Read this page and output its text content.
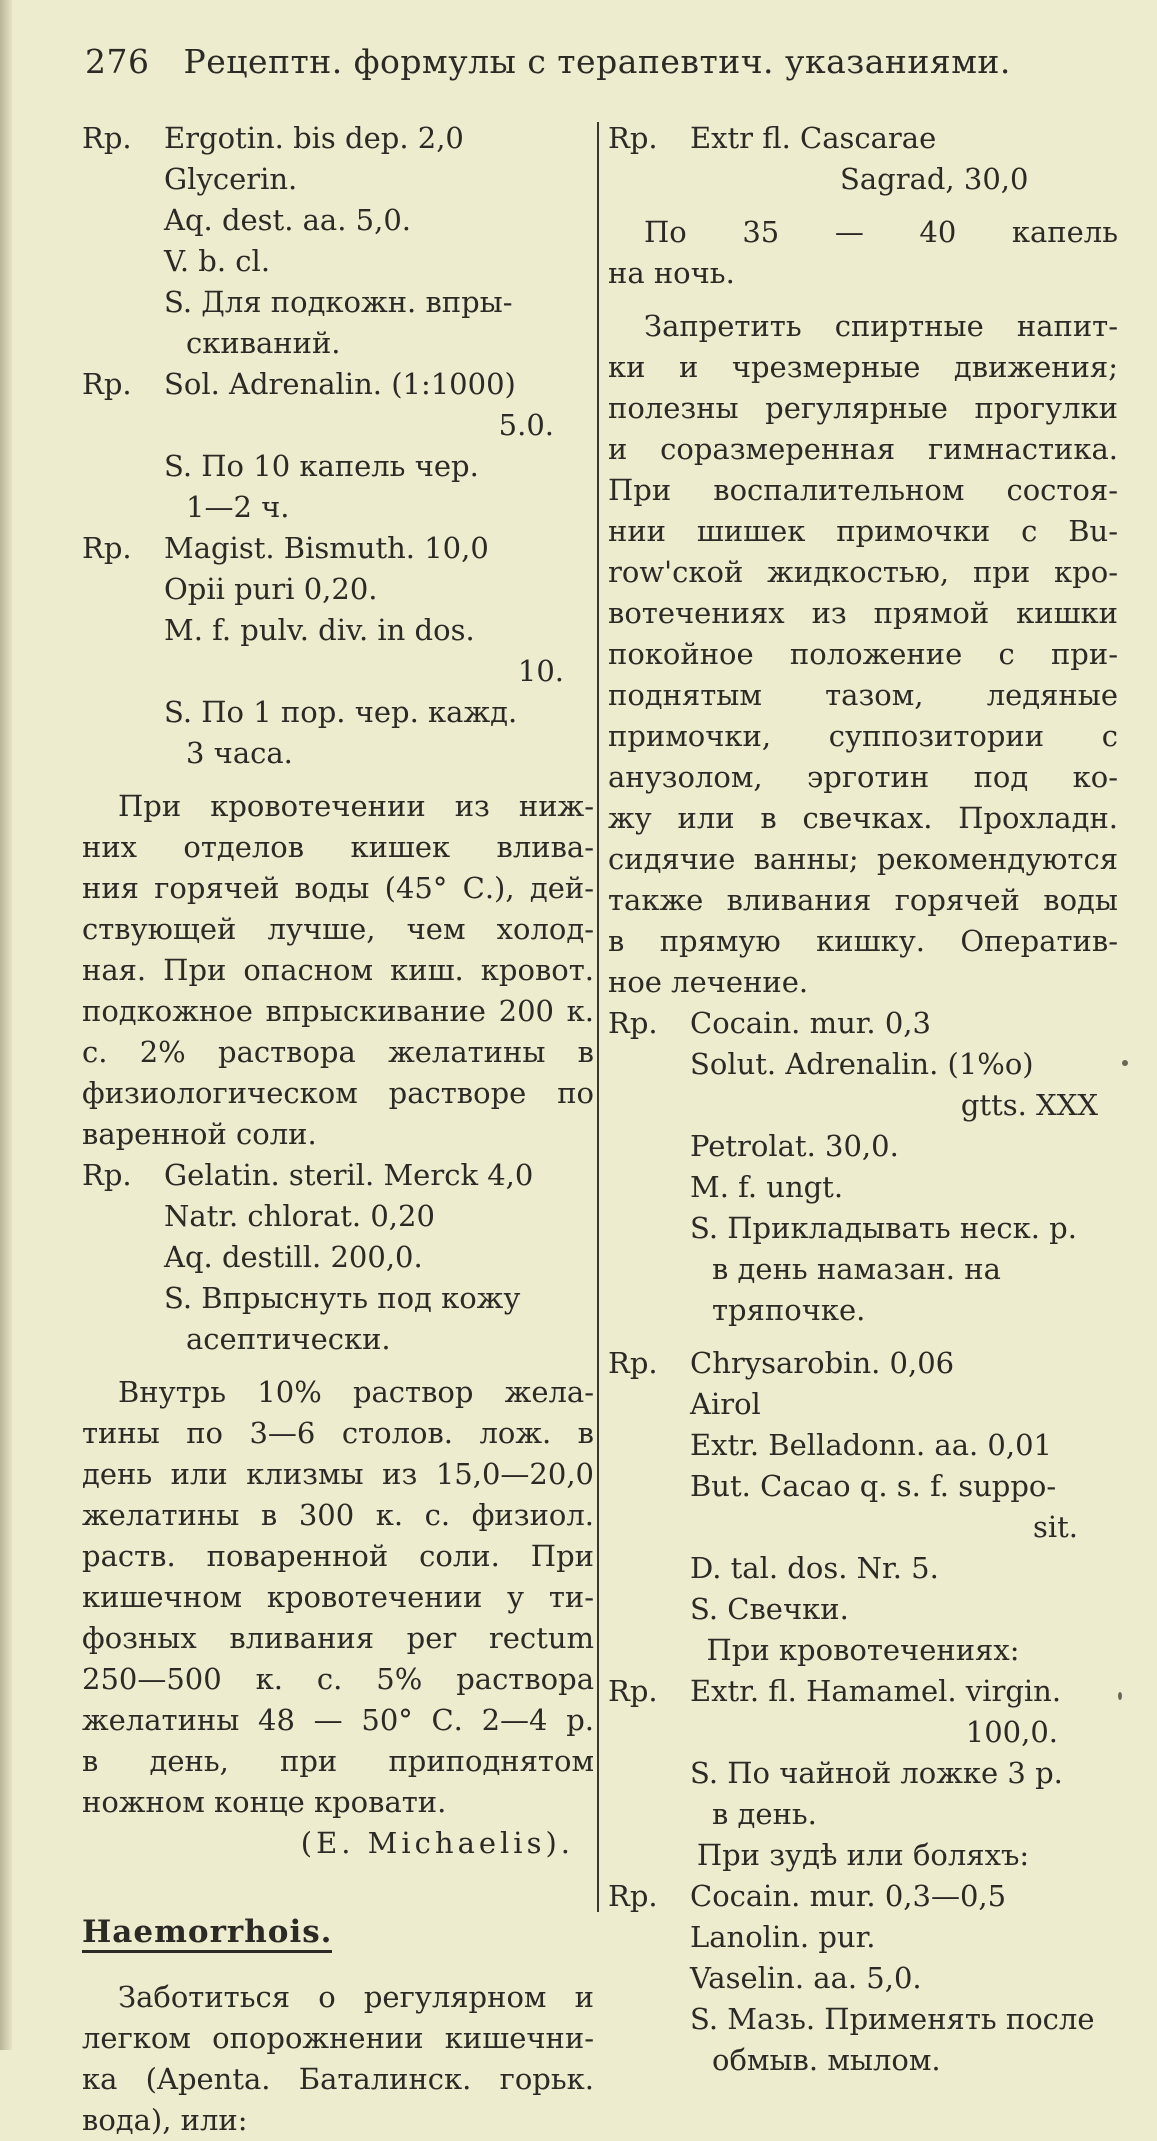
276 Рецептн. формулы с терапевтич. указаниями.
Rp.	Ergotin. bis dep. 2,0
Glycerin.
Aq. dest. aa. 5,0.
V. b. cl.
S. Для подкожн. впры-
скиваний.
Rp.	Sol. Adrenalin. (1:1000)
5.0.
S. По 10 капель чер.
1—2 ч.
Rp.	Magist. Bismuth. 10,0
Opii puri 0,20.
M. f. pulv. div. in dos.
10.
S. По 1 пор. чер. кажд.
3 часа.
При кровотечении из ниж-
них отделов кишек влива-
ния горячей воды (45° С.), дей-
ствующей лучше, чем холод-
ная. При опасном киш. кровот.
подкожное впрыскивание 200 к.
с. 2% раствора желатины в
физиологическом растворе по
варенной соли.
Rp.	Gelatin. steril. Merck 4,0
Natr. chlorat. 0,20
Aq. destill. 200,0.
S. Впрыснуть под кожу
асептически.
Внутрь 10% раствор жела-
тины по 3—6 столов. лож. в
день или клизмы из 15,0—20,0
желатины в 300 к. с. физиол.
раств. поваренной соли. При
кишечном кровотечении у ти-
фозных вливания per rectum
250—500 к. с. 5% раствора
желатины 48 — 50° С. 2—4 р.
в день, при приподнятом
ножном конце кровати.
(E. Michaelis).
Haemorrhois.
Заботиться о регулярном и
легком опорожнении кишечни-
ка (Apenta. Баталинск. горьк.
вода), или:
Rp.	Extr fl. Cascarae
Sagrad, 30,0
По 35 — 40 капель
на ночь.
Запретить спиртные напит-
ки и чрезмерные движения;
полезны регулярные прогулки
и соразмеренная гимнастика.
При воспалительном состоя-
нии шишек примочки с Bu-
row'ской жидкостью, при кро-
вотечениях из прямой кишки
покойное положение с при-
поднятым тазом, ледяные
примочки, суппозитории с
анузолом, эрготин под ко-
жу или в свечках. Прохладн.
сидячие ванны; рекомендуются
также вливания горячей воды
в прямую кишку. Оператив-
ное лечение.
Rp.	Cocain. mur. 0,3
Solut. Adrenalin. (1%o)
gtts. XXX
Petrolat. 30,0.
M. f. ungt.
S. Прикладывать неск. р.
в день намазан. на
тряпочке.
Rp.	Chrysarobin. 0,06
Airol
Extr. Belladonn. aa. 0,01
But. Cacao q. s. f. suppo-
sit.
D. tal. dos. Nr. 5.
S. Свечки.
При кровотечениях:
Rp.	Extr. fl. Hamamel. virgin.
100,0.
S. По чайной ложке 3 р.
в день.
При зудѣ или боляхъ:
Rp.	Cocain. mur. 0,3—0,5
Lanolin. pur.
Vaselin. aa. 5,0.
S. Мазь. Применять после
обмыв. мылом.
